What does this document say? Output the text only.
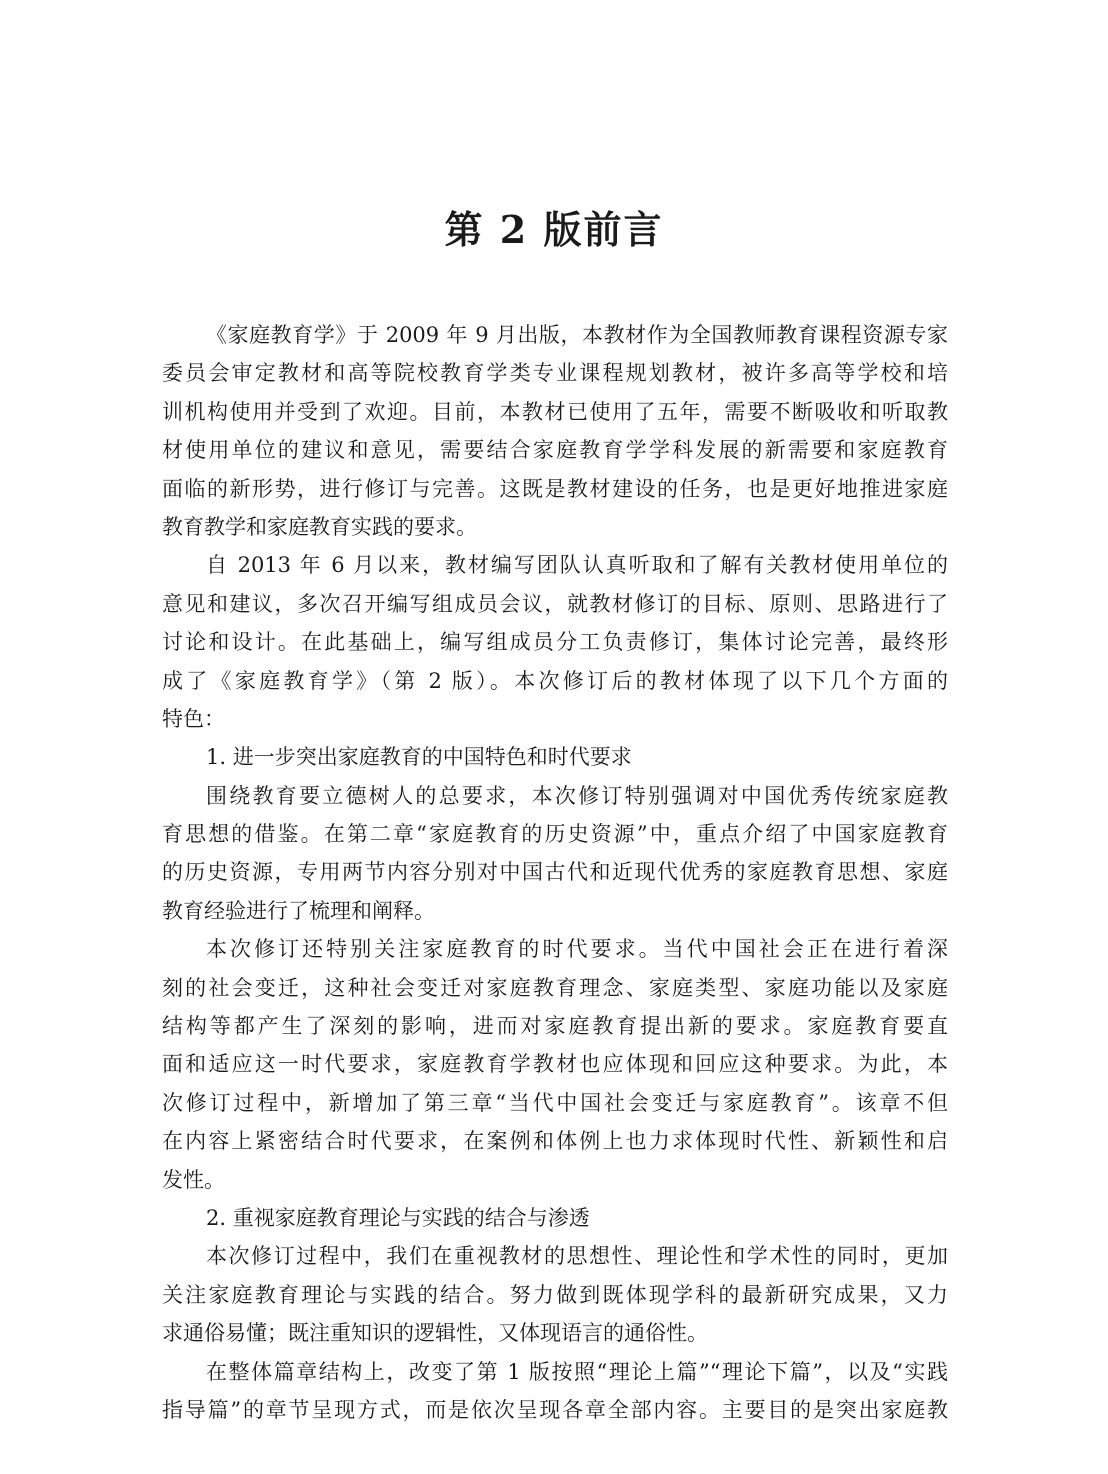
第 2 版前言
《家庭教育学》于 2009 年 9 月出版，本教材作为全国教师教育课程资源专家
委员会审定教材和高等院校教育学类专业课程规划教材，被许多高等学校和培
训机构使用并受到了欢迎。目前，本教材已使用了五年，需要不断吸收和听取教
材使用单位的建议和意见，需要结合家庭教育学学科发展的新需要和家庭教育
面临的新形势，进行修订与完善。这既是教材建设的任务，也是更好地推进家庭
教育教学和家庭教育实践的要求。
自 2013 年 6 月以来，教材编写团队认真听取和了解有关教材使用单位的
意见和建议，多次召开编写组成员会议，就教材修订的目标、原则、思路进行了
讨论和设计。在此基础上，编写组成员分工负责修订，集体讨论完善，最终形
成了《家庭教育学》（第 2 版）。本次修订后的教材体现了以下几个方面的
特色：
1. 进一步突出家庭教育的中国特色和时代要求
围绕教育要立德树人的总要求，本次修订特别强调对中国优秀传统家庭教
育思想的借鉴。在第二章“家庭教育的历史资源”中，重点介绍了中国家庭教育
的历史资源，专用两节内容分别对中国古代和近现代优秀的家庭教育思想、家庭
教育经验进行了梳理和阐释。
本次修订还特别关注家庭教育的时代要求。当代中国社会正在进行着深
刻的社会变迁，这种社会变迁对家庭教育理念、家庭类型、家庭功能以及家庭
结构等都产生了深刻的影响，进而对家庭教育提出新的要求。家庭教育要直
面和适应这一时代要求，家庭教育学教材也应体现和回应这种要求。为此，本
次修订过程中，新增加了第三章“当代中国社会变迁与家庭教育”。该章不但
在内容上紧密结合时代要求，在案例和体例上也力求体现时代性、新颖性和启
发性。
2. 重视家庭教育理论与实践的结合与渗透
本次修订过程中，我们在重视教材的思想性、理论性和学术性的同时，更加
关注家庭教育理论与实践的结合。努力做到既体现学科的最新研究成果，又力
求通俗易懂；既注重知识的逻辑性，又体现语言的通俗性。
在整体篇章结构上，改变了第 1 版按照“理论上篇”“理论下篇”，以及“实践
指导篇”的章节呈现方式，而是依次呈现各章全部内容。主要目的是突出家庭教
